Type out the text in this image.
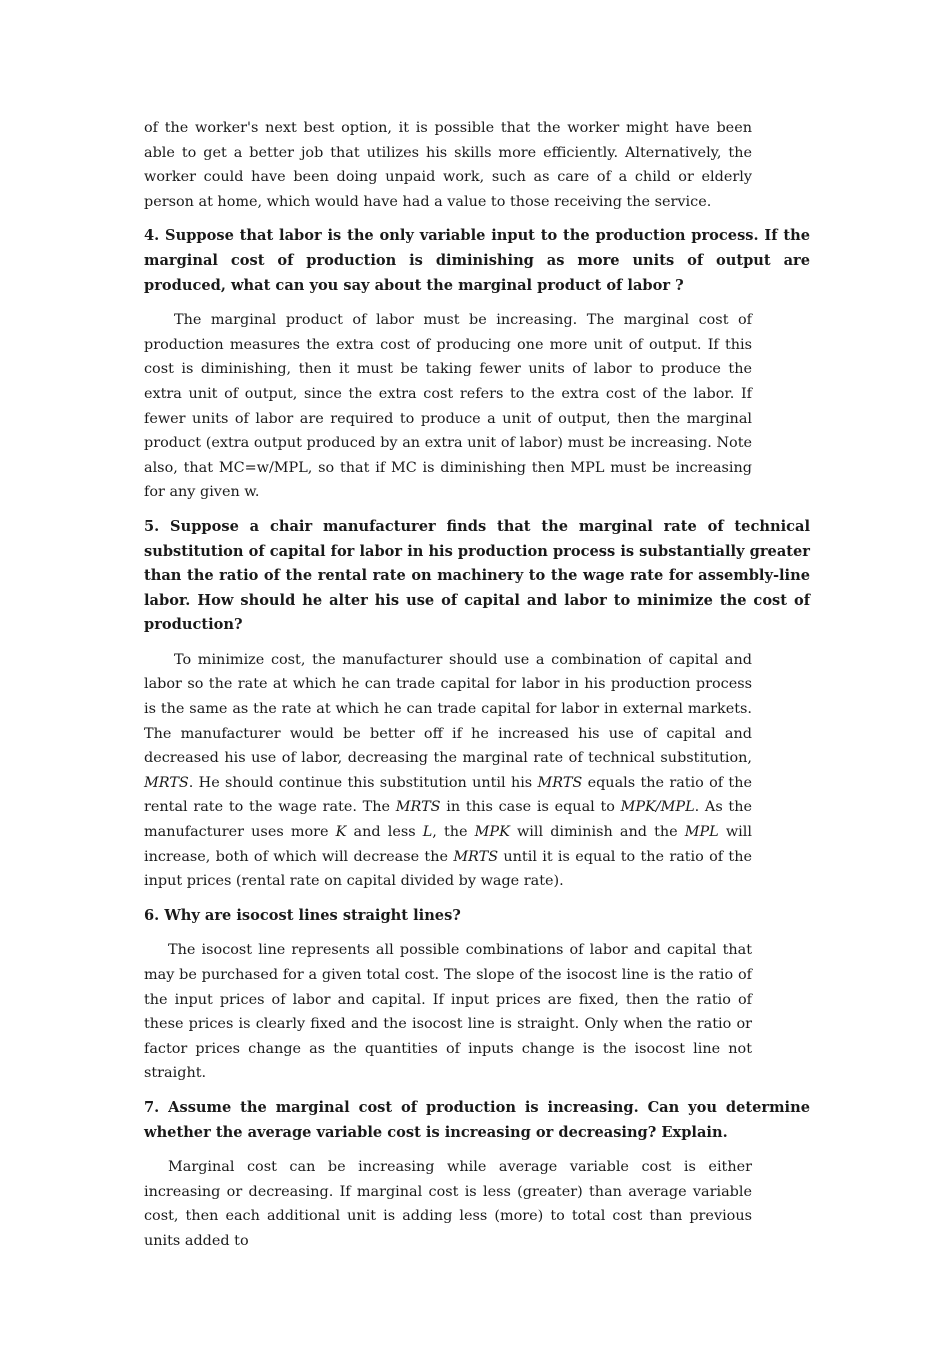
of the worker's next best option, it is possible that the worker might have been able to get a better job that utilizes his skills more efficiently. Alternatively, the worker could have been doing unpaid work, such as care of a child or elderly person at home, which would have had a value to those receiving the service.

4. Suppose that labor is the only variable input to the production process. If the marginal cost of production is diminishing as more units of output are produced, what can you say about the marginal product of labor ?

The marginal product of labor must be increasing. The marginal cost of production measures the extra cost of producing one more unit of output. If this cost is diminishing, then it must be taking fewer units of labor to produce the extra unit of output, since the extra cost refers to the extra cost of the labor. If fewer units of labor are required to produce a unit of output, then the marginal product (extra output produced by an extra unit of labor) must be increasing. Note also, that MC=w/MPL, so that if MC is diminishing then MPL must be increasing for any given w.

5. Suppose a chair manufacturer finds that the marginal rate of technical substitution of capital for labor in his production process is substantially greater than the ratio of the rental rate on machinery to the wage rate for assembly-line labor. How should he alter his use of capital and labor to minimize the cost of production?

To minimize cost, the manufacturer should use a combination of capital and labor so the rate at which he can trade capital for labor in his production process is the same as the rate at which he can trade capital for labor in external markets. The manufacturer would be better off if he increased his use of capital and decreased his use of labor, decreasing the marginal rate of technical substitution, MRTS. He should continue this substitution until his MRTS equals the ratio of the rental rate to the wage rate. The MRTS in this case is equal to MPK/MPL. As the manufacturer uses more K and less L, the MPK will diminish and the MPL will increase, both of which will decrease the MRTS until it is equal to the ratio of the input prices (rental rate on capital divided by wage rate).

6. Why are isocost lines straight lines?

The isocost line represents all possible combinations of labor and capital that may be purchased for a given total cost. The slope of the isocost line is the ratio of the input prices of labor and capital. If input prices are fixed, then the ratio of these prices is clearly fixed and the isocost line is straight. Only when the ratio or factor prices change as the quantities of inputs change is the isocost line not straight.

7. Assume the marginal cost of production is increasing. Can you determine whether the average variable cost is increasing or decreasing? Explain.

Marginal cost can be increasing while average variable cost is either increasing or decreasing. If marginal cost is less (greater) than average variable cost, then each additional unit is adding less (more) to total cost than previous units added to
